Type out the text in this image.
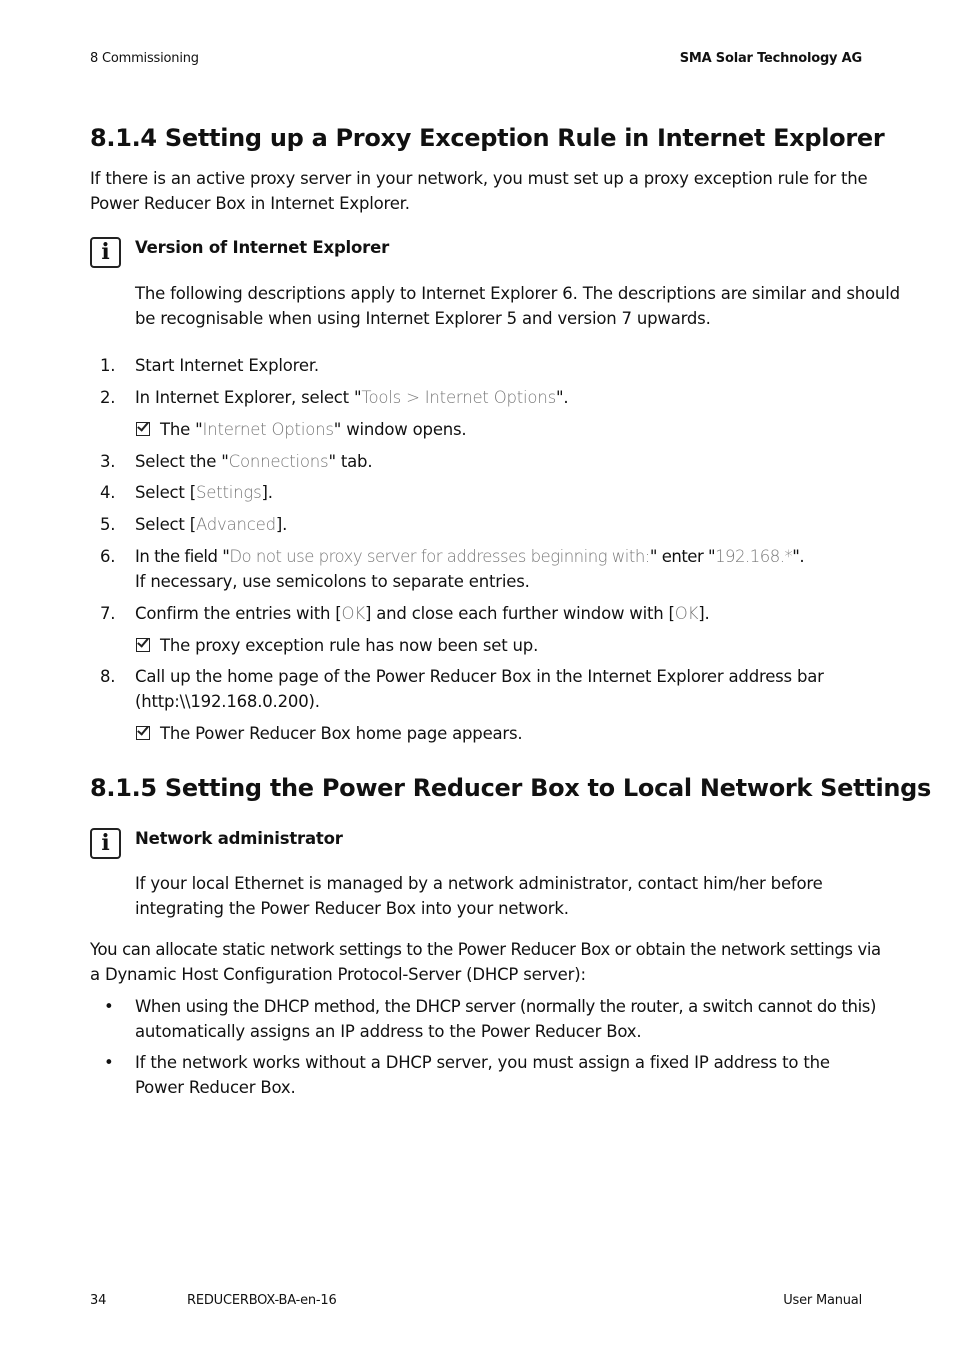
8 Commissioning	SMA Solar Technology AG
8.1.4 Setting up a Proxy Exception Rule in Internet Explorer
If there is an active proxy server in your network, you must set up a proxy exception rule for the
Power Reducer Box in Internet Explorer.
i	Version of Internet Explorer
The following descriptions apply to Internet Explorer 6. The descriptions are similar and should
be recognisable when using Internet Explorer 5 and version 7 upwards.
1. Start Internet Explorer.
2. In Internet Explorer, select "Tools > Internet Options".
The "Internet Options" window opens.
3. Select the "Connections" tab.
4. Select [Settings].
5. Select [Advanced].
6. In the field "Do not use proxy server for addresses beginning with:" enter "192.168.*".
If necessary, use semicolons to separate entries.
7. Confirm the entries with [OK] and close each further window with [OK].
The proxy exception rule has now been set up.
8. Call up the home page of the Power Reducer Box in the Internet Explorer address bar
(http:\\192.168.0.200).
The Power Reducer Box home page appears.
8.1.5 Setting the Power Reducer Box to Local Network Settings
i	Network administrator
If your local Ethernet is managed by a network administrator, contact him/her before
integrating the Power Reducer Box into your network.
You can allocate static network settings to the Power Reducer Box or obtain the network settings via
a Dynamic Host Configuration Protocol-Server (DHCP server):
• When using the DHCP method, the DHCP server (normally the router, a switch cannot do this)
automatically assigns an IP address to the Power Reducer Box.
• If the network works without a DHCP server, you must assign a fixed IP address to the
Power Reducer Box.
34	REDUCERBOX-BA-en-16	User Manual
